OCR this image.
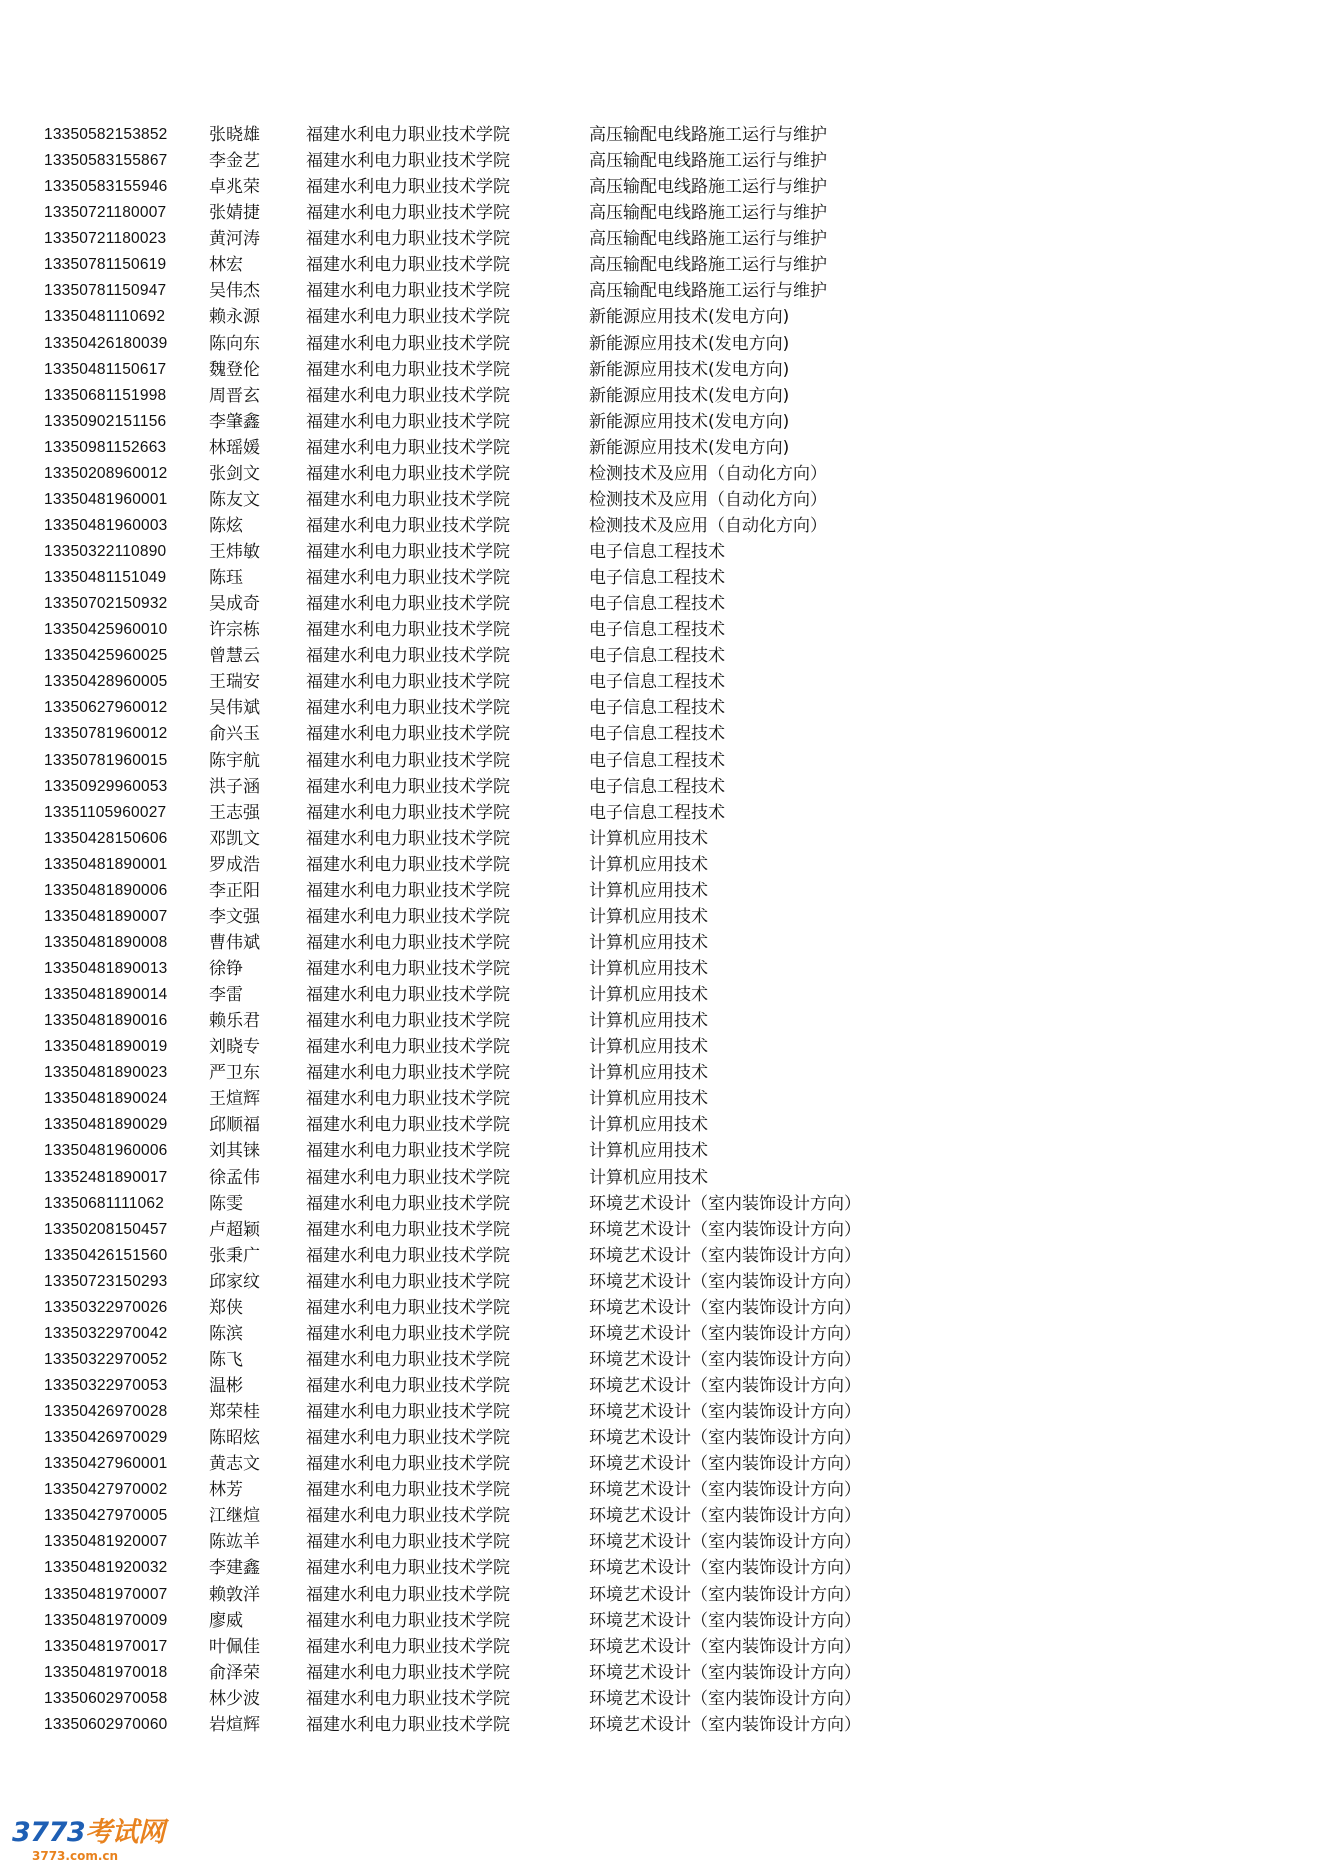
13350582153852 张晓雄	福建水利电力职业技术学院	高压输配电线路施工运行与维护
13350583155867 李金艺	福建水利电力职业技术学院	高压输配电线路施工运行与维护
13350583155946 卓兆荣	福建水利电力职业技术学院	高压输配电线路施工运行与维护
13350721180007	张婧捷	福建水利电力职业技术学院	高压输配电线路施工运行与维护
13350721180023	黄河涛	福建水利电力职业技术学院	高压输配电线路施工运行与维护
13350781150619	林宏	福建水利电力职业技术学院	高压输配电线路施工运行与维护
13350781150947	吴伟杰	福建水利电力职业技术学院	高压输配电线路施工运行与维护
13350481110692	赖永源	福建水利电力职业技术学院	新能源应用技术(发电方向)
13350426180039 陈向东	福建水利电力职业技术学院	新能源应用技术(发电方向)
13350481150617	魏登伦	福建水利电力职业技术学院	新能源应用技术(发电方向)
13350681151998	周晋玄	福建水利电力职业技术学院	新能源应用技术(发电方向)
13350902151156	李肇鑫	福建水利电力职业技术学院	新能源应用技术(发电方向)
13350981152663	林瑶媛	福建水利电力职业技术学院	新能源应用技术(发电方向)
13350208960012 张剑文	福建水利电力职业技术学院	检测技术及应用（自动化方向）
13350481960001 陈友文	福建水利电力职业技术学院	检测技术及应用（自动化方向）
13350481960003 陈炫	福建水利电力职业技术学院	检测技术及应用（自动化方向）
13350322110890	王炜敏	福建水利电力职业技术学院	电子信息工程技术
13350481151049	陈珏	福建水利电力职业技术学院	电子信息工程技术
13350702150932 吴成奇	福建水利电力职业技术学院	电子信息工程技术
13350425960010 许宗栋	福建水利电力职业技术学院	电子信息工程技术
13350425960025 曾慧云	福建水利电力职业技术学院	电子信息工程技术
13350428960005 王瑞安	福建水利电力职业技术学院	电子信息工程技术
13350627960012 吴伟斌	福建水利电力职业技术学院	电子信息工程技术
13350781960012 俞兴玉	福建水利电力职业技术学院	电子信息工程技术
13350781960015 陈宇航	福建水利电力职业技术学院	电子信息工程技术
13350929960053 洪子涵	福建水利电力职业技术学院	电子信息工程技术
13351105960027	王志强	福建水利电力职业技术学院	电子信息工程技术
13350428150606 邓凯文	福建水利电力职业技术学院	计算机应用技术
13350481890001 罗成浩	福建水利电力职业技术学院	计算机应用技术
13350481890006 李正阳	福建水利电力职业技术学院	计算机应用技术
13350481890007 李文强	福建水利电力职业技术学院	计算机应用技术
13350481890008 曹伟斌	福建水利电力职业技术学院	计算机应用技术
13350481890013 徐铮	福建水利电力职业技术学院	计算机应用技术
13350481890014 李雷	福建水利电力职业技术学院	计算机应用技术
13350481890016 赖乐君	福建水利电力职业技术学院	计算机应用技术
13350481890019 刘晓专	福建水利电力职业技术学院	计算机应用技术
13350481890023 严卫东	福建水利电力职业技术学院	计算机应用技术
13350481890024 王煊辉	福建水利电力职业技术学院	计算机应用技术
13350481890029 邱顺福	福建水利电力职业技术学院	计算机应用技术
13350481960006 刘其铼	福建水利电力职业技术学院	计算机应用技术
13352481890017 徐孟伟	福建水利电力职业技术学院	计算机应用技术
13350681111062	陈雯	福建水利电力职业技术学院	环境艺术设计（室内装饰设计方向）
13350208150457 卢超颖	福建水利电力职业技术学院	环境艺术设计（室内装饰设计方向）
13350426151560 张秉广	福建水利电力职业技术学院	环境艺术设计（室内装饰设计方向）
13350723150293 邱家纹	福建水利电力职业技术学院	环境艺术设计（室内装饰设计方向）
13350322970026 郑侠	福建水利电力职业技术学院	环境艺术设计（室内装饰设计方向）
13350322970042 陈滨	福建水利电力职业技术学院	环境艺术设计（室内装饰设计方向）
13350322970052 陈飞	福建水利电力职业技术学院	环境艺术设计（室内装饰设计方向）
13350322970053 温彬	福建水利电力职业技术学院	环境艺术设计（室内装饰设计方向）
13350426970028 郑荣桂	福建水利电力职业技术学院	环境艺术设计（室内装饰设计方向）
13350426970029 陈昭炫	福建水利电力职业技术学院	环境艺术设计（室内装饰设计方向）
13350427960001 黄志文	福建水利电力职业技术学院	环境艺术设计（室内装饰设计方向）
13350427970002 林芳	福建水利电力职业技术学院	环境艺术设计（室内装饰设计方向）
13350427970005 江继煊	福建水利电力职业技术学院	环境艺术设计（室内装饰设计方向）
13350481920007 陈竑羊	福建水利电力职业技术学院	环境艺术设计（室内装饰设计方向）
13350481920032 李建鑫	福建水利电力职业技术学院	环境艺术设计（室内装饰设计方向）
13350481970007 赖敦洋	福建水利电力职业技术学院	环境艺术设计（室内装饰设计方向）
13350481970009 廖威	福建水利电力职业技术学院	环境艺术设计（室内装饰设计方向）
13350481970017 叶佩佳	福建水利电力职业技术学院	环境艺术设计（室内装饰设计方向）
13350481970018 俞泽荣	福建水利电力职业技术学院	环境艺术设计（室内装饰设计方向）
13350602970058 林少波	福建水利电力职业技术学院	环境艺术设计（室内装饰设计方向）
13350602970060 岩煊辉	福建水利电力职业技术学院	环境艺术设计（室内装饰设计方向）
3773考试网
3773.com.cn
